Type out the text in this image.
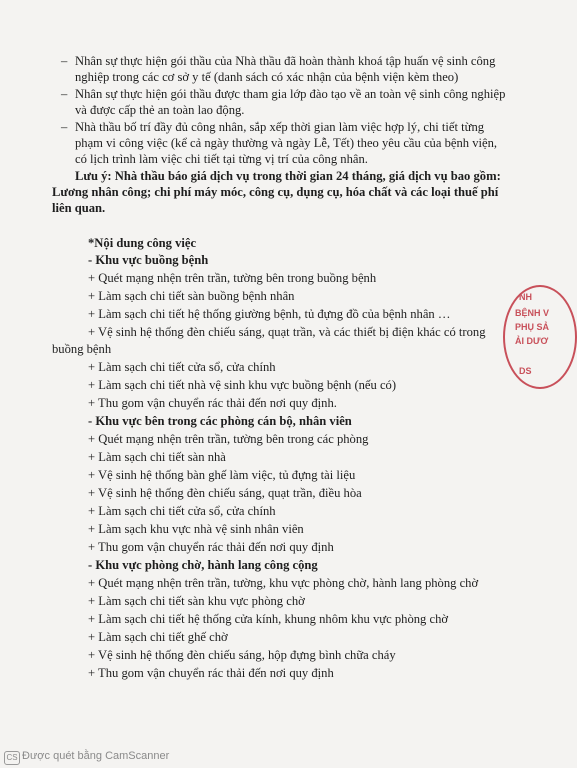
– Nhân sự thực hiện gói thầu của Nhà thầu đã hoàn thành khoá tập huấn vệ sinh công
nghiệp trong các cơ sở y tế (danh sách có xác nhận của bệnh viện kèm theo)
– Nhân sự thực hiện gói thầu được tham gia lớp đào tạo về an toàn vệ sinh công nghiệp
và được cấp thẻ an toàn lao động.
– Nhà thầu bố trí đầy đủ công nhân, sắp xếp thời gian làm việc hợp lý, chi tiết từng
phạm vi công việc (kể cả ngày thường và ngày Lễ, Tết) theo yêu cầu của bệnh viện,
có lịch trình làm việc chi tiết tại từng vị trí của công nhân.
Lưu ý: Nhà thầu báo giá dịch vụ trong thời gian 24 tháng, giá dịch vụ bao gồm:
Lương nhân công; chi phí máy móc, công cụ, dụng cụ, hóa chất và các loại thuế phí
liên quan.
*Nội dung công việc
- Khu vực buồng bệnh
+ Quét mạng nhện trên trần, tường bên trong buồng bệnh
+ Làm sạch chi tiết sàn buồng bệnh nhân
+ Làm sạch chi tiết hệ thống giường bệnh, tủ đựng đồ của bệnh nhân …
+ Vệ sinh hệ thống đèn chiếu sáng, quạt trần, và các thiết bị điện khác có trong
buồng bệnh
+ Làm sạch chi tiết cửa sổ, cửa chính
+ Làm sạch chi tiết nhà vệ sinh khu vực buồng bệnh (nếu có)
+ Thu gom vận chuyển rác thải đến nơi quy định.
- Khu vực bên trong các phòng cán bộ, nhân viên
+ Quét mạng nhện trên trần, tường bên trong các phòng
+ Làm sạch chi tiết sàn nhà
+ Vệ sinh hệ thống bàn ghế làm việc, tủ đựng tài liệu
+ Vệ sinh hệ thống đèn chiếu sáng, quạt trần, điều hòa
+ Làm sạch chi tiết cửa sổ, cửa chính
+ Làm sạch khu vực nhà vệ sinh nhân viên
+ Thu gom vận chuyển rác thải đến nơi quy định
- Khu vực phòng chờ, hành lang công cộng
+ Quét mạng nhện trên trần, tường, khu vực phòng chờ, hành lang phòng chờ
+ Làm sạch chi tiết sàn khu vực phòng chờ
+ Làm sạch chi tiết hệ thống cửa kính, khung nhôm khu vực phòng chờ
+ Làm sạch chi tiết ghế chờ
+ Vệ sinh hệ thống đèn chiếu sáng, hộp đựng bình chữa cháy
+ Thu gom vận chuyển rác thải đến nơi quy định
NH
BỆNH V
PHỤ SẢ
ẢI DƯƠ
DS
CS Được quét bằng CamScanner
